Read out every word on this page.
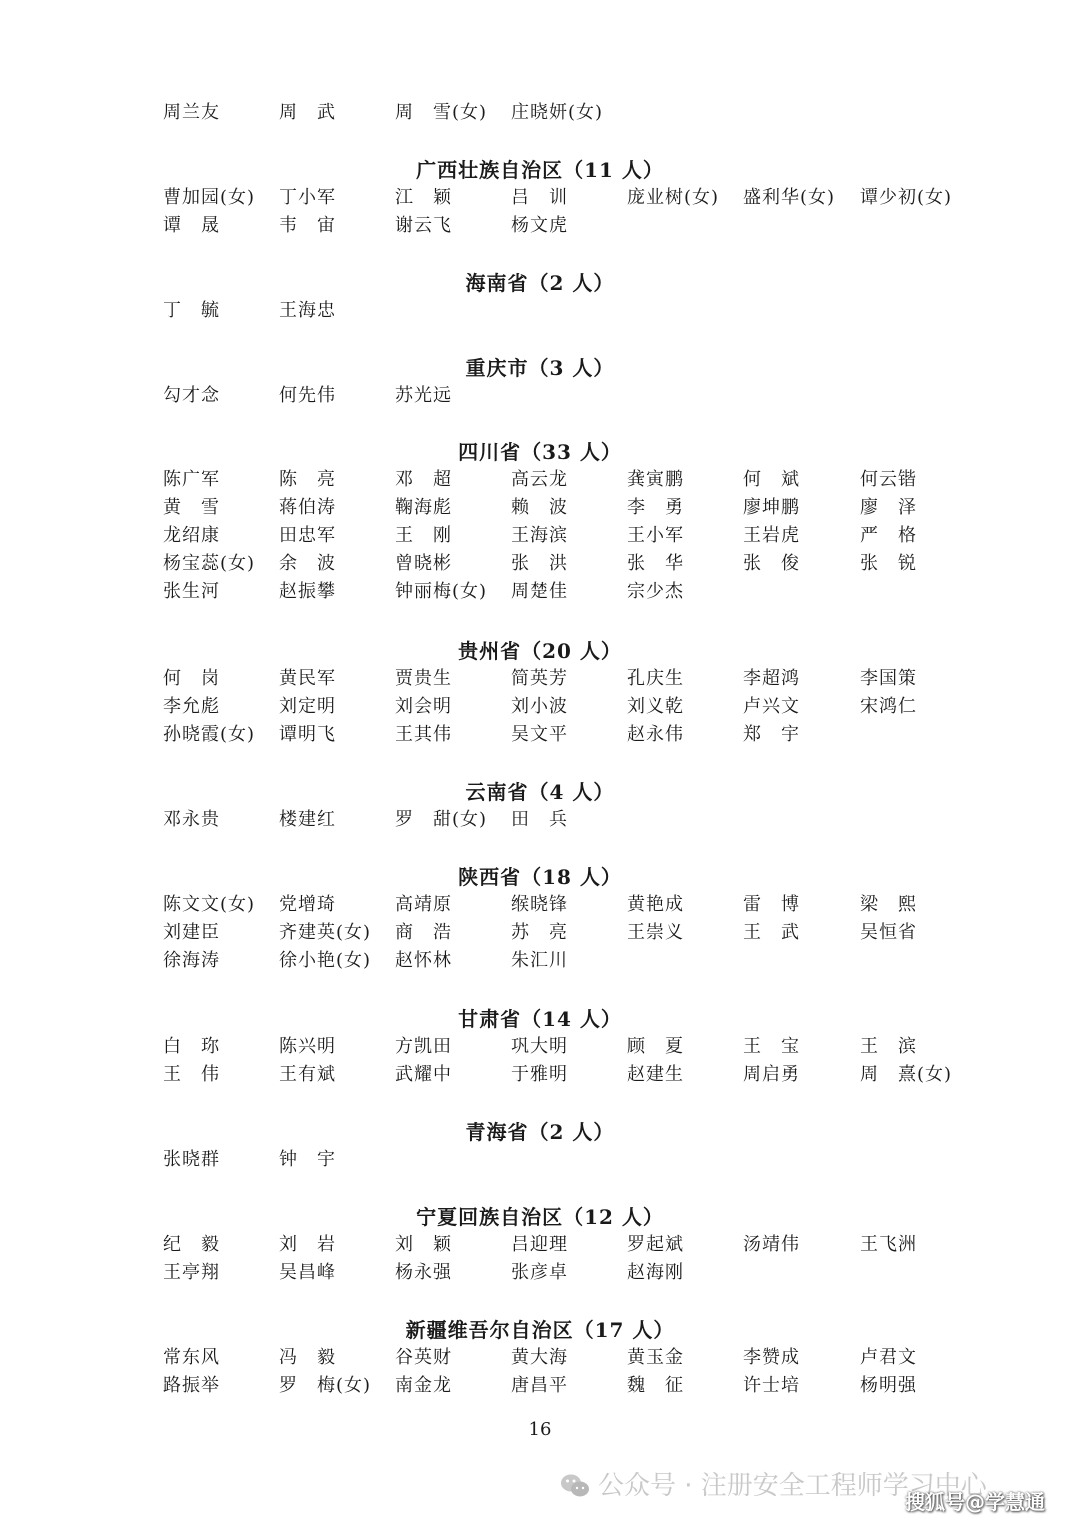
周兰友	周　武	周　雪(女) 庄晓妍(女)
广西壮族自治区（11 人）
曹加园(女) 丁小军	江　颖	吕　训	庞业树(女) 盛利华(女) 谭少初(女)
谭　晟	韦　宙	谢云飞	杨文虎
海南省（2 人）
丁　毓	王海忠
重庆市（3 人）
勾才念	何先伟	苏光远
四川省（33 人）
陈广军	陈　亮	邓　超	高云龙	龚寅鹏	何　斌	何云锴
黄　雪	蒋伯涛	鞠海彪	赖　波	李　勇	廖坤鹏	廖　泽
龙绍康	田忠军	王　刚	王海滨	王小军	王岩虎	严　格
杨宝蕊(女) 余　波	曾晓彬	张　洪	张　华	张　俊	张　锐
张生河	赵振攀	钟丽梅(女) 周楚佳	宗少杰
贵州省（20 人）
何　岗	黄民军	贾贵生	简英芳	孔庆生	李超鸿	李国策
李允彪	刘定明	刘会明	刘小波	刘义乾	卢兴文	宋鸿仁
孙晓霞(女) 谭明飞	王其伟	吴文平	赵永伟	郑　宇
云南省（4 人）
邓永贵	楼建红	罗　甜(女) 田　兵
陕西省（18 人）
陈文文(女) 党增琦	高靖原	缑晓锋	黄艳成	雷　博	梁　熙
刘建臣	齐建英(女) 商　浩	苏　亮	王崇义	王　武	吴恒省
徐海涛	徐小艳(女) 赵怀林	朱汇川
甘肃省（14 人）
白　珎	陈兴明	方凯田	巩大明	顾　夏	王　宝	王　滨
王　伟	王有斌	武耀中	于雅明	赵建生	周启勇	周　熹(女)
青海省（2 人）
张晓群	钟　宇
宁夏回族自治区（12 人）
纪　毅	刘　岩	刘　颖	吕迎理	罗起斌	汤靖伟	王飞洲
王亭翔	吴昌峰	杨永强	张彦卓	赵海刚
新疆维吾尔自治区（17 人）
常东风	冯　毅	谷英财	黄大海	黄玉金	李赞成	卢君文
路振举	罗　梅(女) 南金龙	唐昌平	魏　征	许士培	杨明强
16
公众号 · 注册安全工程师学习中心
搜狐号@学慧通
